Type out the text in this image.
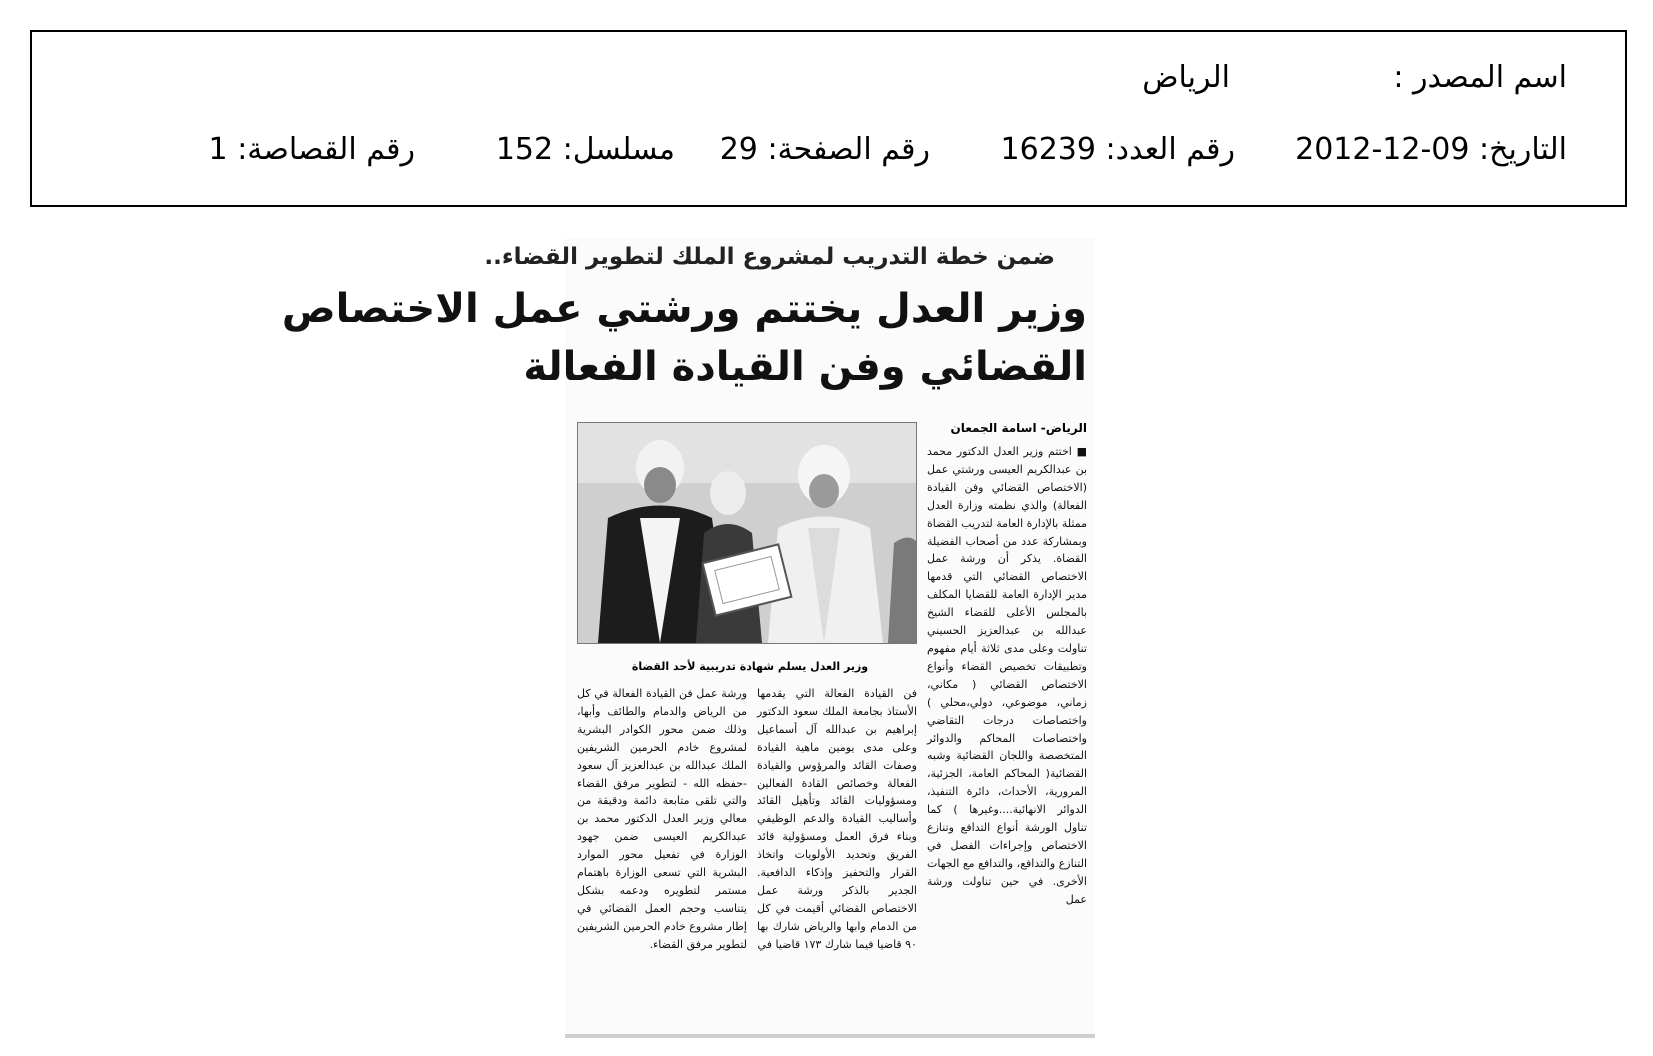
اسم المصدر :
الرياض
التاريخ: 2012-12-09
رقم العدد: 16239
رقم الصفحة: 29
مسلسل: 152
رقم القصاصة: 1
ضمن خطة التدريب لمشروع الملك لتطوير القضاء..
وزير العدل يختتم ورشتي عمل الاختصاص
القضائي وفن القيادة الفعالة
الرياض- اسامة الجمعان
■ اختتم وزير العدل الدكتور محمد بن عبدالكريم العيسى ورشتي عمل (الاختصاص القضائي وفن القيادة الفعالة) والذي نظمته وزارة العدل ممثلة بالإدارة العامة لتدريب القضاة وبمشاركة عدد من أصحاب الفضيلة القضاة. يذكر أن ورشة عمل الاختصاص القضائي التي قدمها مدير الإدارة العامة للقضايا المكلف بالمجلس الأعلى للقضاء الشيخ عبدالله بن عبدالعزيز الحسيني تناولت وعلى مدى ثلاثة أيام مفهوم وتطبيقات تخصيص القضاء وأنواع الاختصاص القضائي ( مكاني، زماني، موضوعي، دولي،محلي ) واختصاصات درجات التقاضي واختصاصات المحاكم والدوائر المتخصصة واللجان القضائية وشبه القضائية( المحاكم العامة، الجزئية، المرورية، الأحداث، دائرة التنفيذ، الدوائر الانهائية....وغيرها ) كما تناول الورشة أنواع التدافع وتنازع الاختصاص وإجراءات الفصل في التنازع والتدافع، والتدافع مع الجهات الأخرى. في حين تناولت ورشة عمل
وزير العدل يسلم شهادة تدريبية لأحد القضاة
فن القيادة الفعالة التي يقدمها الأستاذ بجامعة الملك سعود الدكتور إبراهيم بن عبدالله آل أسماعيل وعلى مدى يومين ماهية القيادة وصفات القائد والمرؤوس والقيادة الفعالة وخصائص القادة الفعالين ومسؤوليات القائد وتأهيل القائد وأساليب القيادة والدعم الوظيفي وبناء فرق العمل ومسؤولية قائد الفريق وتحديد الأولويات واتخاذ القرار والتحفيز وإذكاء الدافعية. الجدير بالذكر ورشة عمل الاختصاص القضائي أقيمت في كل من الدمام وابها والرياض شارك بها ٩٠ قاضيا فيما شارك ١٧٣ قاضيا في
ورشة عمل فن القيادة الفعالة في كل من الرياض والدمام والطائف وأبها، وذلك ضمن محور الكوادر البشرية لمشروع خادم الحرمين الشريفين الملك عبدالله بن عبدالعزيز آل سعود -حفظه الله - لتطوير مرفق القضاء والتي تلقى متابعة دائمة ودقيقة من معالي وزير العدل الدكتور محمد بن عبدالكريم العيسى ضمن جهود الوزارة في تفعيل محور الموارد البشرية التي تسعى الوزارة باهتمام مستمر لتطويره ودعمه بشكل يتناسب وحجم العمل القضائي في إطار مشروع خادم الحرمين الشريفين لتطوير مرفق القضاء.
